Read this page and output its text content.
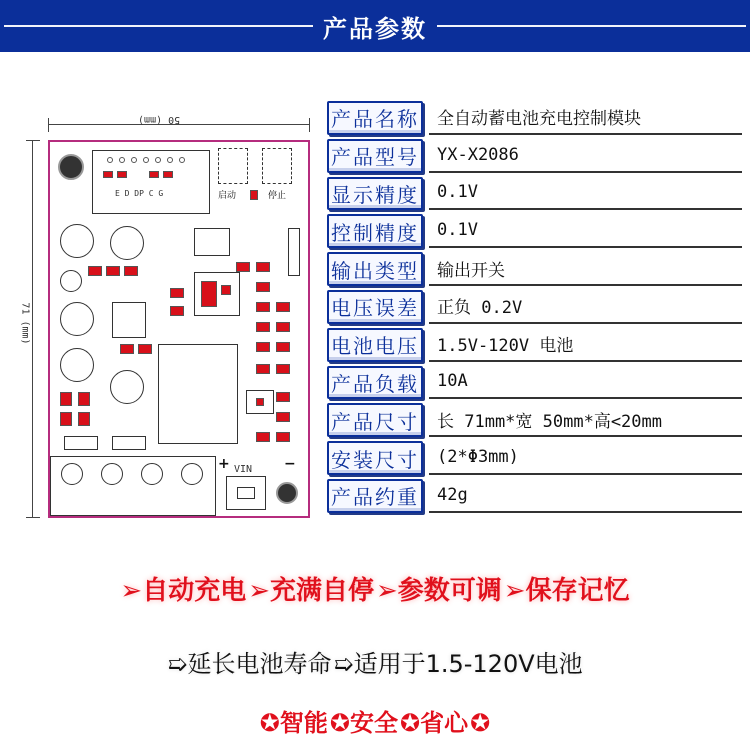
产品参数
50 (mm)
71 (mm)
E D DP C G	启动	停止
+	−
VIN
产品名称	全自动蓄电池充电控制模块
产品型号	YX-X2086
显示精度	0.1V
控制精度	0.1V
输出类型	输出开关
电压误差	正负 0.2V
电池电压	1.5V-120V 电池
产品负载	10A
产品尺寸	长 71mm*宽 50mm*高<20mm
安装尺寸	(2*Φ3mm)
产品约重	42g
➢自动充电➢充满自停➢参数可调➢保存记忆
➯延长电池寿命➯适用于1.5-120V电池
✪智能✪安全✪省心✪
